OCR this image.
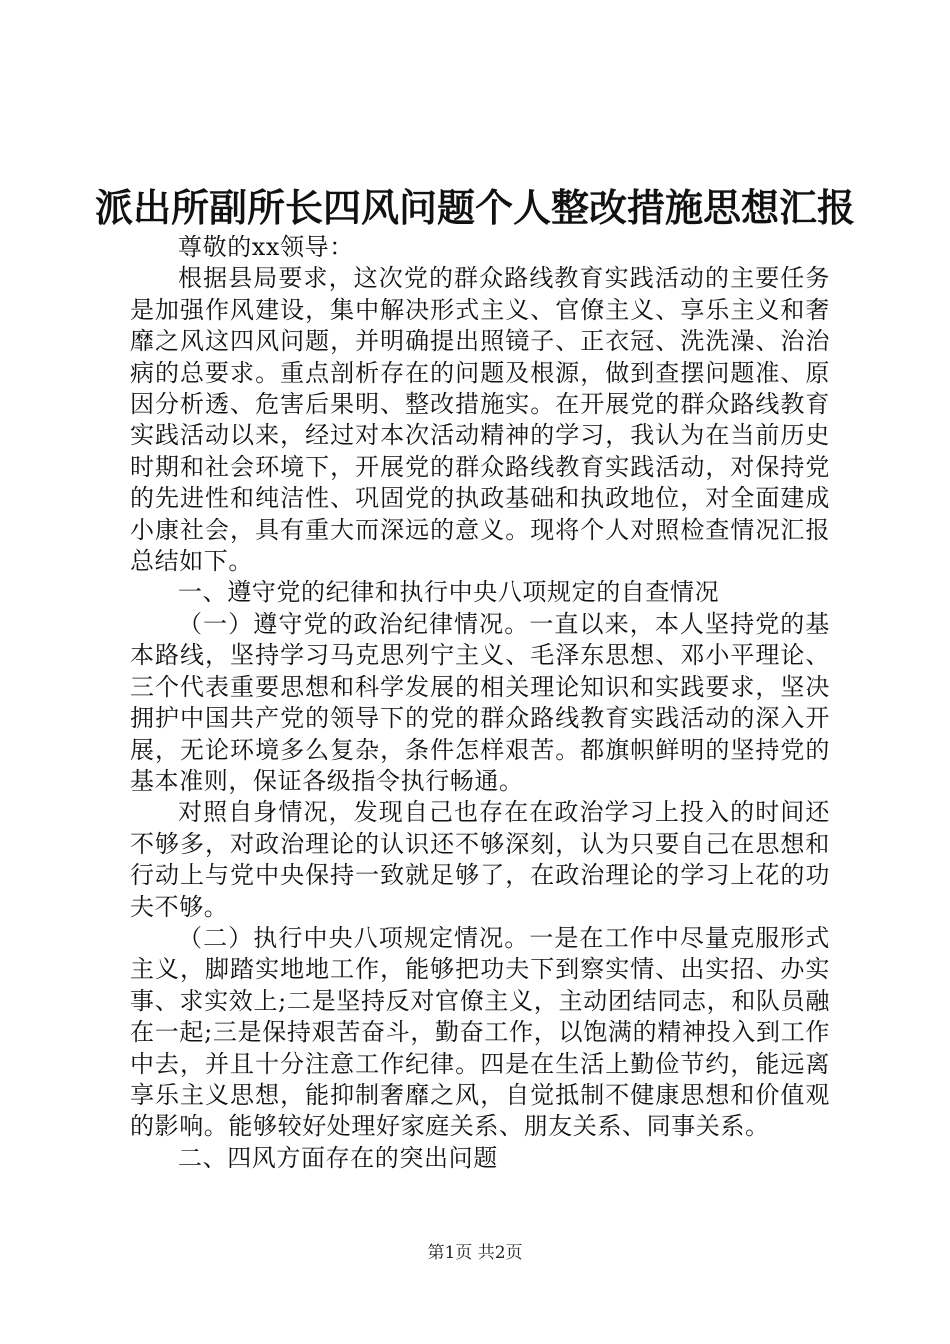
派出所副所长四风问题个人整改措施思想汇报

尊敬的xx领导：

根据县局要求，这次党的群众路线教育实践活动的主要任务是加强作风建设，集中解决形式主义、官僚主义、享乐主义和奢靡之风这四风问题，并明确提出照镜子、正衣冠、洗洗澡、治治病的总要求。重点剖析存在的问题及根源，做到查摆问题准、原因分析透、危害后果明、整改措施实。在开展党的群众路线教育实践活动以来，经过对本次活动精神的学习，我认为在当前历史时期和社会环境下，开展党的群众路线教育实践活动，对保持党的先进性和纯洁性、巩固党的执政基础和执政地位，对全面建成小康社会，具有重大而深远的意义。现将个人对照检查情况汇报总结如下。

一、遵守党的纪律和执行中央八项规定的自查情况

（一）遵守党的政治纪律情况。一直以来，本人坚持党的基本路线，坚持学习马克思列宁主义、毛泽东思想、邓小平理论、三个代表重要思想和科学发展的相关理论知识和实践要求，坚决拥护中国共产党的领导下的党的群众路线教育实践活动的深入开展，无论环境多么复杂，条件怎样艰苦。都旗帜鲜明的坚持党的基本准则，保证各级指令执行畅通。

对照自身情况，发现自己也存在在政治学习上投入的时间还不够多，对政治理论的认识还不够深刻，认为只要自己在思想和行动上与党中央保持一致就足够了，在政治理论的学习上花的功夫不够。

（二）执行中央八项规定情况。一是在工作中尽量克服形式主义，脚踏实地地工作，能够把功夫下到察实情、出实招、办实事、求实效上;二是坚持反对官僚主义，主动团结同志，和队员融在一起;三是保持艰苦奋斗，勤奋工作，以饱满的精神投入到工作中去，并且十分注意工作纪律。四是在生活上勤俭节约，能远离享乐主义思想，能抑制奢靡之风，自觉抵制不健康思想和价值观的影响。能够较好处理好家庭关系、朋友关系、同事关系。

二、四风方面存在的突出问题

第1页 共2页
